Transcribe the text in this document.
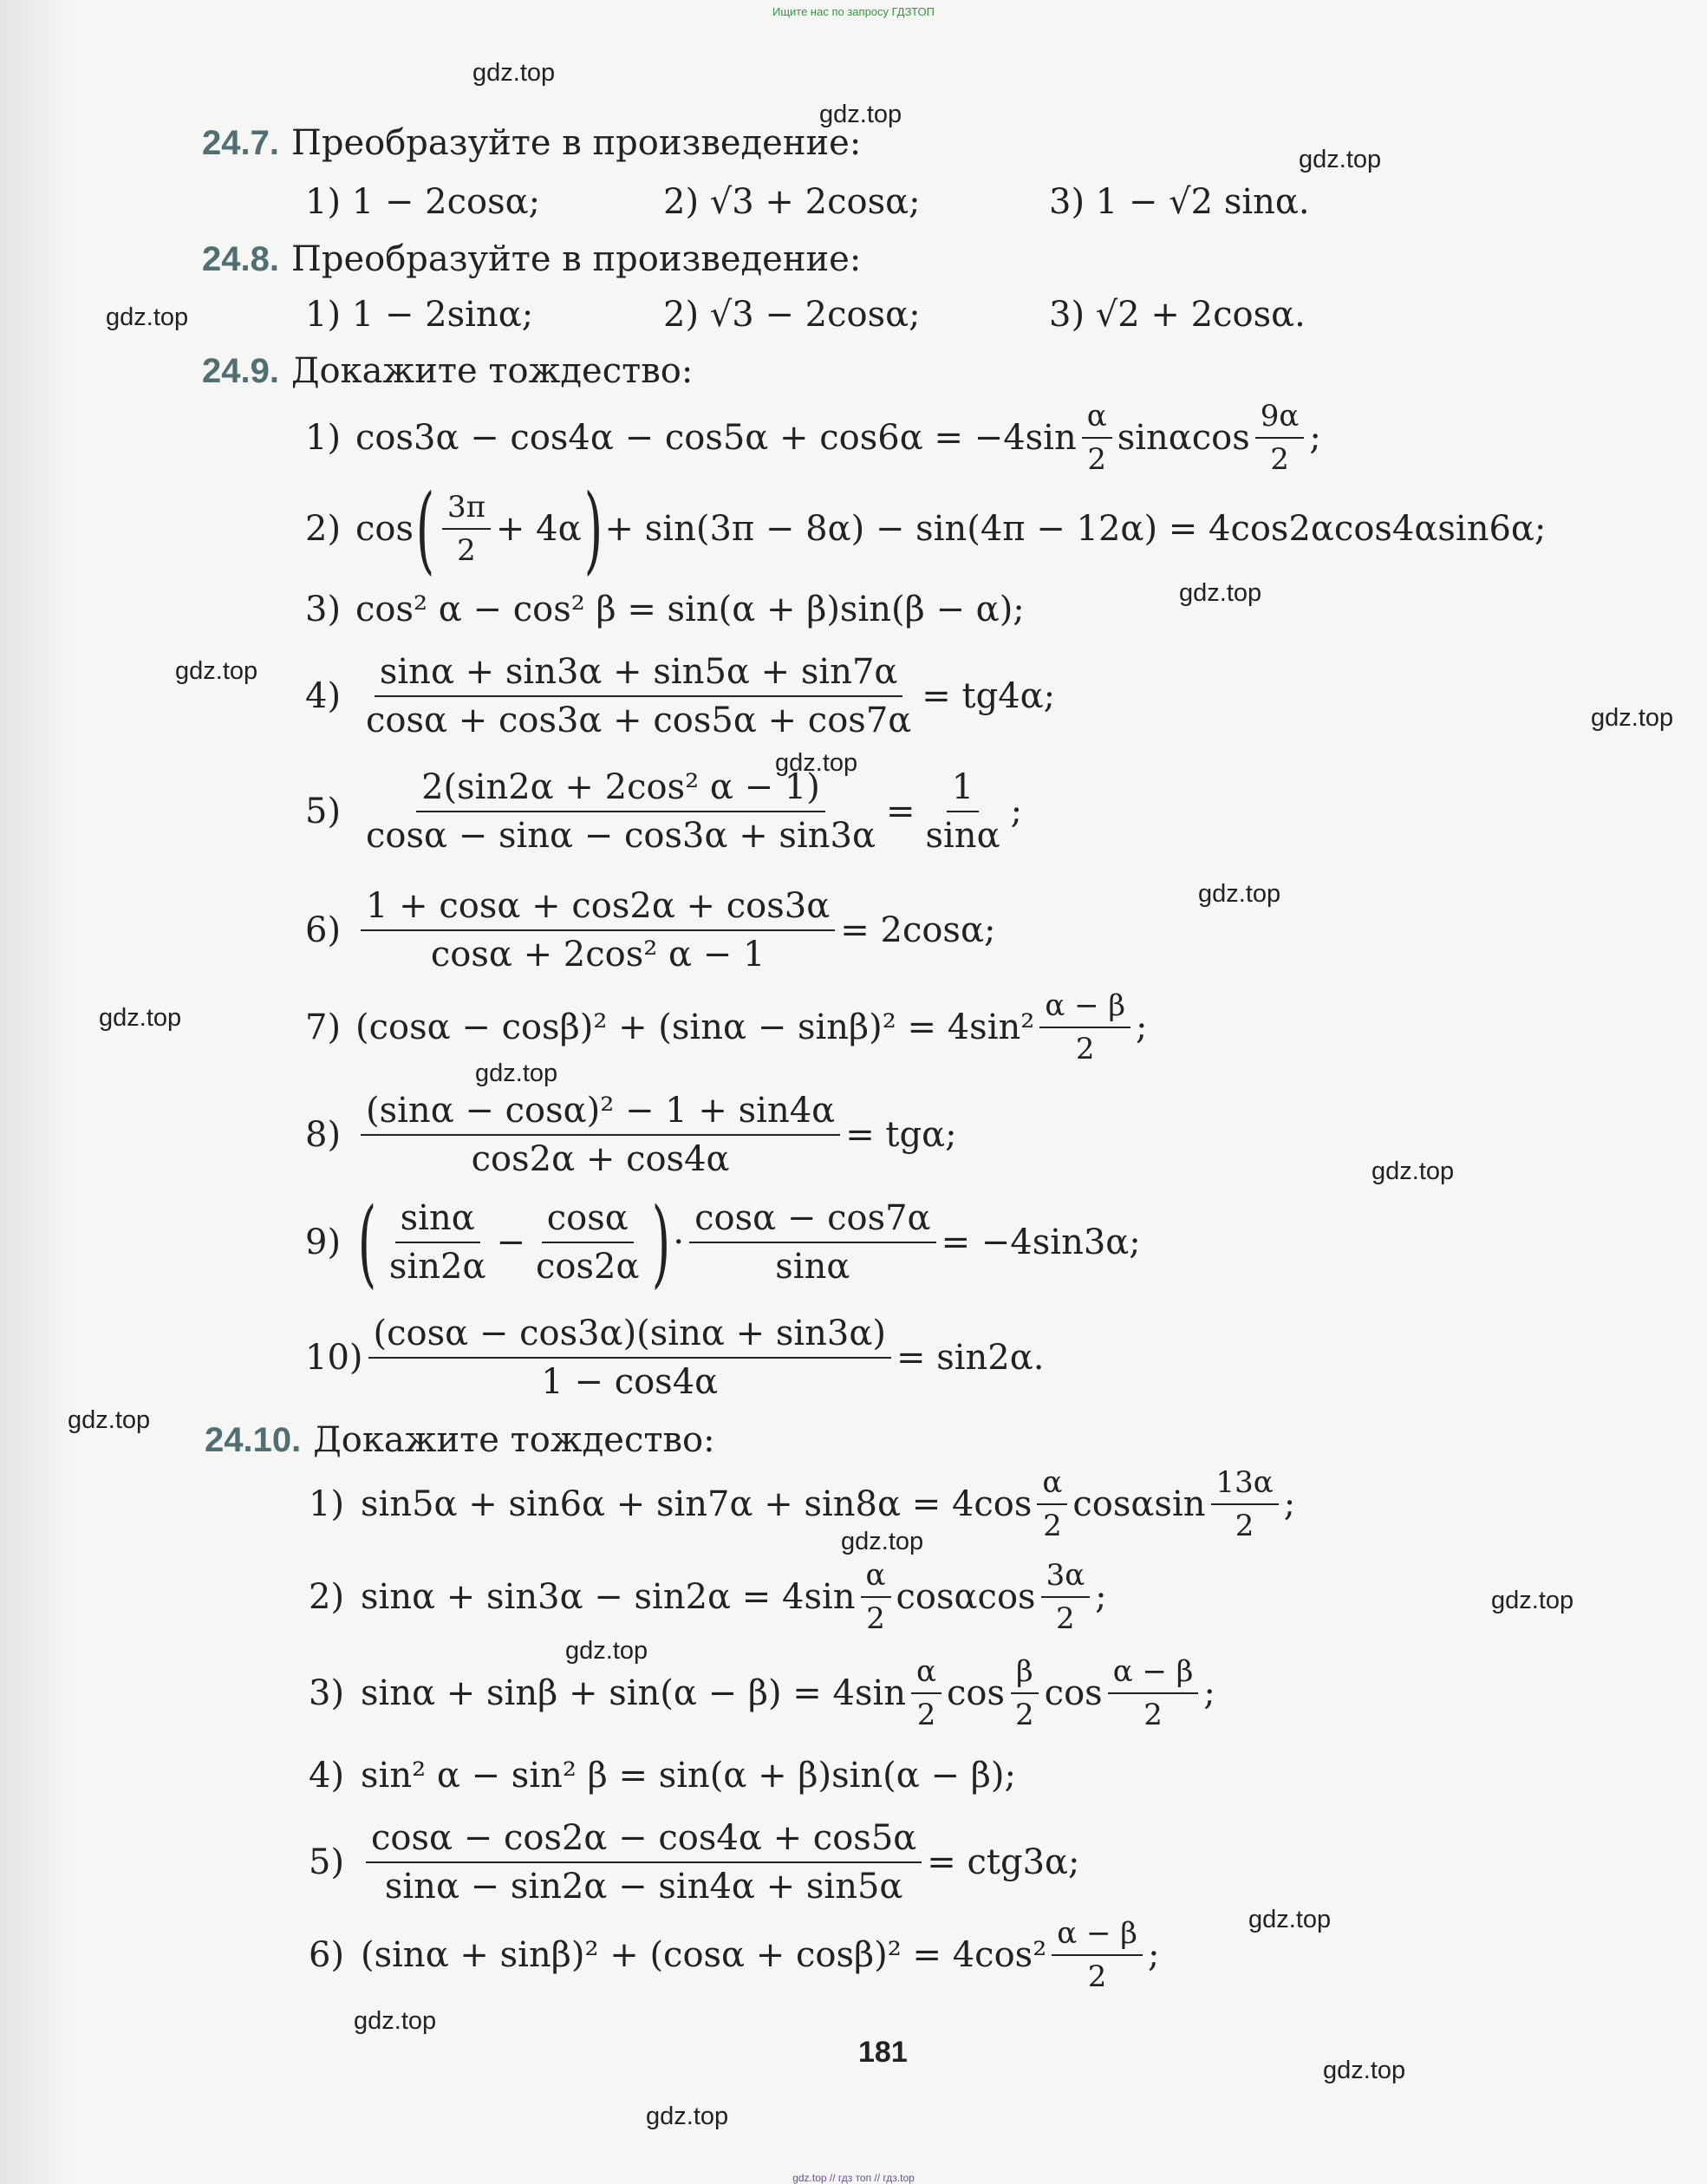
Ищите нас по запросу ГДЗТОП
gdz.top
gdz.top
gdz.top
gdz.top
gdz.top
gdz.top
gdz.top
gdz.top
gdz.top
gdz.top
gdz.top
gdz.top
gdz.top
gdz.top
gdz.top
gdz.top
gdz.top
gdz.top
gdz.top
gdz.top
24.7. Преобразуйте в произведение:
1) 1 − 2cosα;	2) √3 + 2cosα;	3) 1 − √2 sinα.
24.8. Преобразуйте в произведение:
1) 1 − 2sinα;	2) √3 − 2cosα;	3) √2 + 2cosα.
24.9. Докажите тождество:
1) $\cos 3\alpha - \cos 4\alpha - \cos 5\alpha + \cos 6\alpha = -4\sin \frac{\alpha}{2}$ sinαcos $\frac{9\alpha}{2}$ ;
2) cos ( $\frac{3\pi}{2} + 4\alpha$ ) + sin(3π − 8α) − sin(4π − 12α) = 4cos2αcos4αsin6α;
3) cos² α − cos² β = sin(α + β)sin(β − α);
$4) \frac{\sin\alpha + \sin 3\alpha + \sin 5\alpha + \sin 7\alpha}{\cos\alpha + \cos 3\alpha + \cos 5\alpha + \cos 7\alpha} = tg4\alpha$;
$5) \frac{\text{2(sin2α + 2cos² α − 1)}}{\cos\alpha - \sin\alpha - \cos 3\alpha + \sin 3\alpha} = \frac{1}{\sin\alpha}$ ;
$6) \frac{1 + \cos\alpha + \cos 2\alpha + \cos 3\alpha}{\text{cosα + 2cos² α − 1}} = 2\cos\alpha$;
7) $(\cos\alpha - \cos\beta)^2 + (\sin\alpha - \sin\beta)^2 = 4\sin^2 \frac{\alpha - \beta}{2}$ ;
$8) \frac{\text{(sinα − cosα)² − 1 + sin4α}}{\cos 2\alpha + \cos 4\alpha} = tg\alpha$;
9) ( $\frac{\sin\alpha}{\sin 2\alpha} - \frac{\cos\alpha}{\cos 2\alpha}$ ) · $\frac{\cos\alpha - \cos 7\alpha}{\sin\alpha} = -4\sin 3\alpha$;
$10) \frac{(\cos\alpha - \cos 3\alpha)(\sin\alpha + \sin 3\alpha)}{1 - \cos 4\alpha} = \sin 2\alpha$.
24.10. Докажите тождество:
1) $\sin 5\alpha + \sin 6\alpha + \sin 7\alpha + \sin 8\alpha = 4\cos \frac{\alpha}{2}$ cosαsin $\frac{13\alpha}{2}$ ;
2) $\sin\alpha + \sin 3\alpha - \sin 2\alpha = 4\sin \frac{\alpha}{2}$ cosαcos $\frac{3\alpha}{2}$ ;
3) $\sin\alpha + \sin\beta + \sin(\alpha - \beta) = 4\sin \frac{\alpha}{2}$ $\cos \frac{\beta}{2}$ $\cos \frac{\alpha - \beta}{2}$ ;
4) sin² α − sin² β = sin(α + β)sin(α − β);
$5) \frac{\cos\alpha - \cos 2\alpha - \cos 4\alpha + \cos 5\alpha}{\sin\alpha - \sin 2\alpha - \sin 4\alpha + \sin 5\alpha} = ctg3\alpha$;
6) $(\sin\alpha + \sin\beta)^2 + (\cos\alpha + \cos\beta)^2 = 4\cos^2 \frac{\alpha - \beta}{2}$ ;
181
gdz.top // гдз топ // гдз.top
